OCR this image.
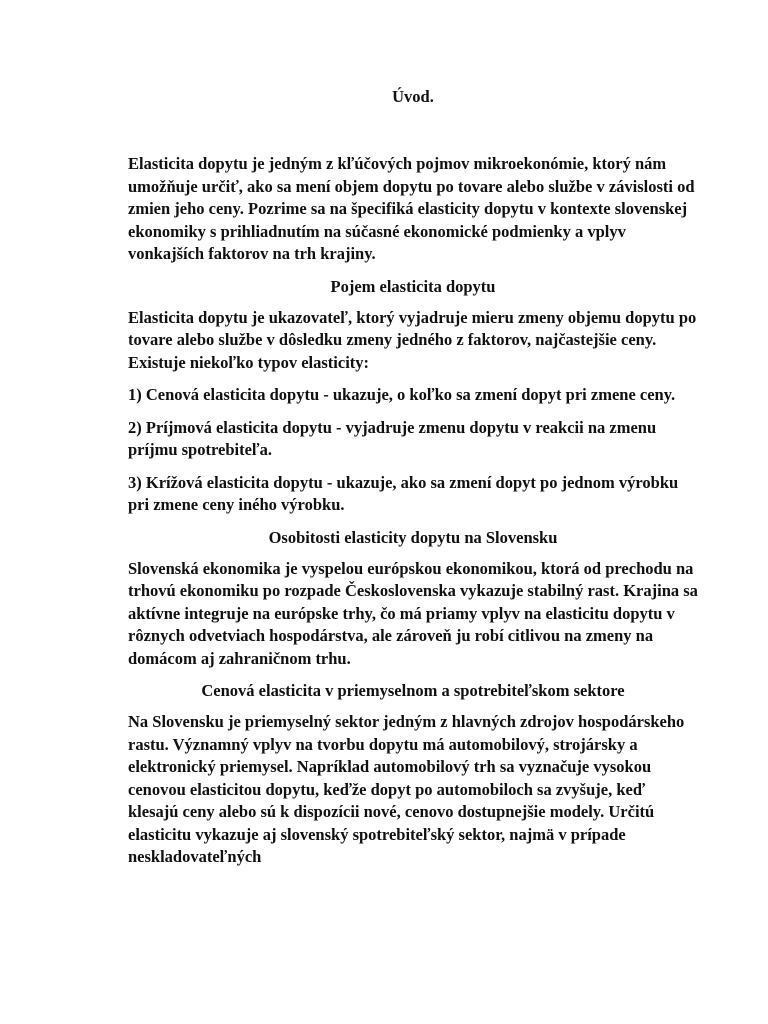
Úvod.

Elasticita dopytu je jedným z kľúčových pojmov mikroekonómie, ktorý nám umožňuje určiť, ako sa mení objem dopytu po tovare alebo službe v závislosti od zmien jeho ceny. Pozrime sa na špecifiká elasticity dopytu v kontexte slovenskej ekonomiky s prihliadnutím na súčasné ekonomické podmienky a vplyv vonkajších faktorov na trh krajiny.

Pojem elasticita dopytu

Elasticita dopytu je ukazovateľ, ktorý vyjadruje mieru zmeny objemu dopytu po tovare alebo službe v dôsledku zmeny jedného z faktorov, najčastejšie ceny. Existuje niekoľko typov elasticity:

1) Cenová elasticita dopytu - ukazuje, o koľko sa zmení dopyt pri zmene ceny.

2) Príjmová elasticita dopytu - vyjadruje zmenu dopytu v reakcii na zmenu príjmu spotrebiteľa.

3) Krížová elasticita dopytu - ukazuje, ako sa zmení dopyt po jednom výrobku pri zmene ceny iného výrobku.

Osobitosti elasticity dopytu na Slovensku

Slovenská ekonomika je vyspelou európskou ekonomikou, ktorá od prechodu na trhovú ekonomiku po rozpade Československa vykazuje stabilný rast. Krajina sa aktívne integruje na európske trhy, čo má priamy vplyv na elasticitu dopytu v rôznych odvetviach hospodárstva, ale zároveň ju robí citlivou na zmeny na domácom aj zahraničnom trhu.

Cenová elasticita v priemyselnom a spotrebiteľskom sektore

Na Slovensku je priemyselný sektor jedným z hlavných zdrojov hospodárskeho rastu. Významný vplyv na tvorbu dopytu má automobilový, strojársky a elektronický priemysel. Napríklad automobilový trh sa vyznačuje vysokou cenovou elasticitou dopytu, keďže dopyt po automobiloch sa zvyšuje, keď klesajú ceny alebo sú k dispozícii nové, cenovo dostupnejšie modely. Určitú elasticitu vykazuje aj slovenský spotrebiteľský sektor, najmä v prípade neskladovateľných
